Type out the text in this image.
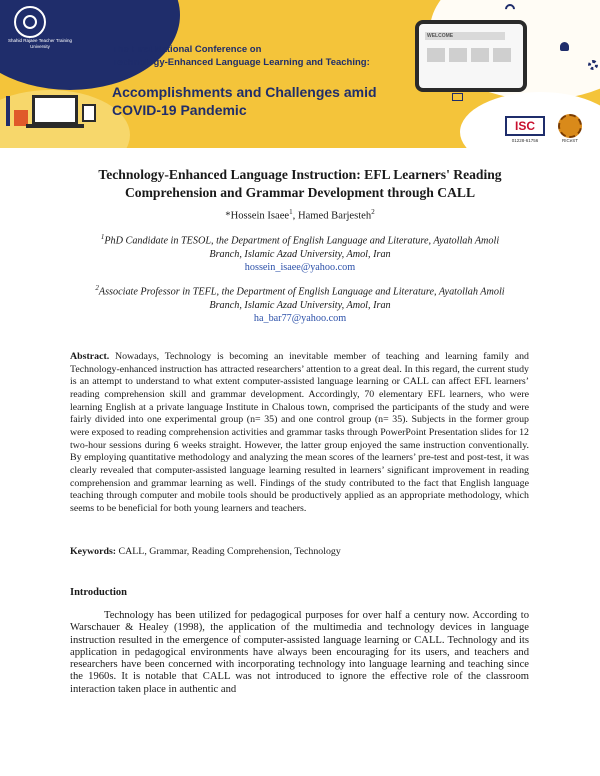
Shahid Rajaee Teacher Training University	The First National Conference on
Technology-Enhanced Language Learning and Teaching:
Accomplishments and Challenges amid
COVID-19 Pandemic
WELCOME
ISC
01228-61756	RICeST
Technology-Enhanced Language Instruction: EFL Learners' Reading
Comprehension and Grammar Development through CALL
*Hossein Isaee$^1$, Hamed Barjesteh$^2$
$^1$PhD Candidate in TESOL, the Department of English Language and Literature, Ayatollah Amoli
Branch, Islamic Azad University, Amol, Iran
hossein_isaee@yahoo.com
$^2$Associate Professor in TEFL, the Department of English Language and Literature, Ayatollah Amoli
Branch, Islamic Azad University, Amol, Iran
ha_bar77@yahoo.com
Abstract. Nowadays, Technology is becoming an inevitable member of teaching and learning family and Technology-enhanced instruction has attracted researchers’ attention to a great deal. In this regard, the current study is an attempt to understand to what extent computer-assisted language learning or CALL can affect EFL learners’ reading comprehension skill and grammar development. Accordingly, 70 elementary EFL learners, who were learning English at a private language Institute in Chalous town, comprised the participants of the study and were fairly divided into one experimental group (n= 35) and one control group (n= 35). Subjects in the former group were exposed to reading comprehension activities and grammar tasks through PowerPoint Presentation slides for 12 two-hour sessions during 6 weeks straight. However, the latter group enjoyed the same instruction conventionally. By employing quantitative methodology and analyzing the mean scores of the learners’ pre-test and post-test, it was clearly revealed that computer-assisted language learning resulted in learners’ significant improvement in reading comprehension and grammar learning as well. Findings of the study contributed to the fact that English language teaching through computer and mobile tools should be productively applied as an appropriate methodology, which seems to be beneficial for both young learners and teachers.
Keywords: CALL, Grammar, Reading Comprehension, Technology
Introduction
Technology has been utilized for pedagogical purposes for over half a century now. According to Warschauer & Healey (1998), the application of the multimedia and technology devices in language instruction resulted in the emergence of computer-assisted language learning or CALL. Technology and its application in pedagogical environments have always been encouraging for its users, and teachers and researchers have been concerned with incorporating technology into language learning and teaching since the 1960s. It is notable that CALL was not introduced to ignore the effective role of the classroom interaction taken place in authentic and
